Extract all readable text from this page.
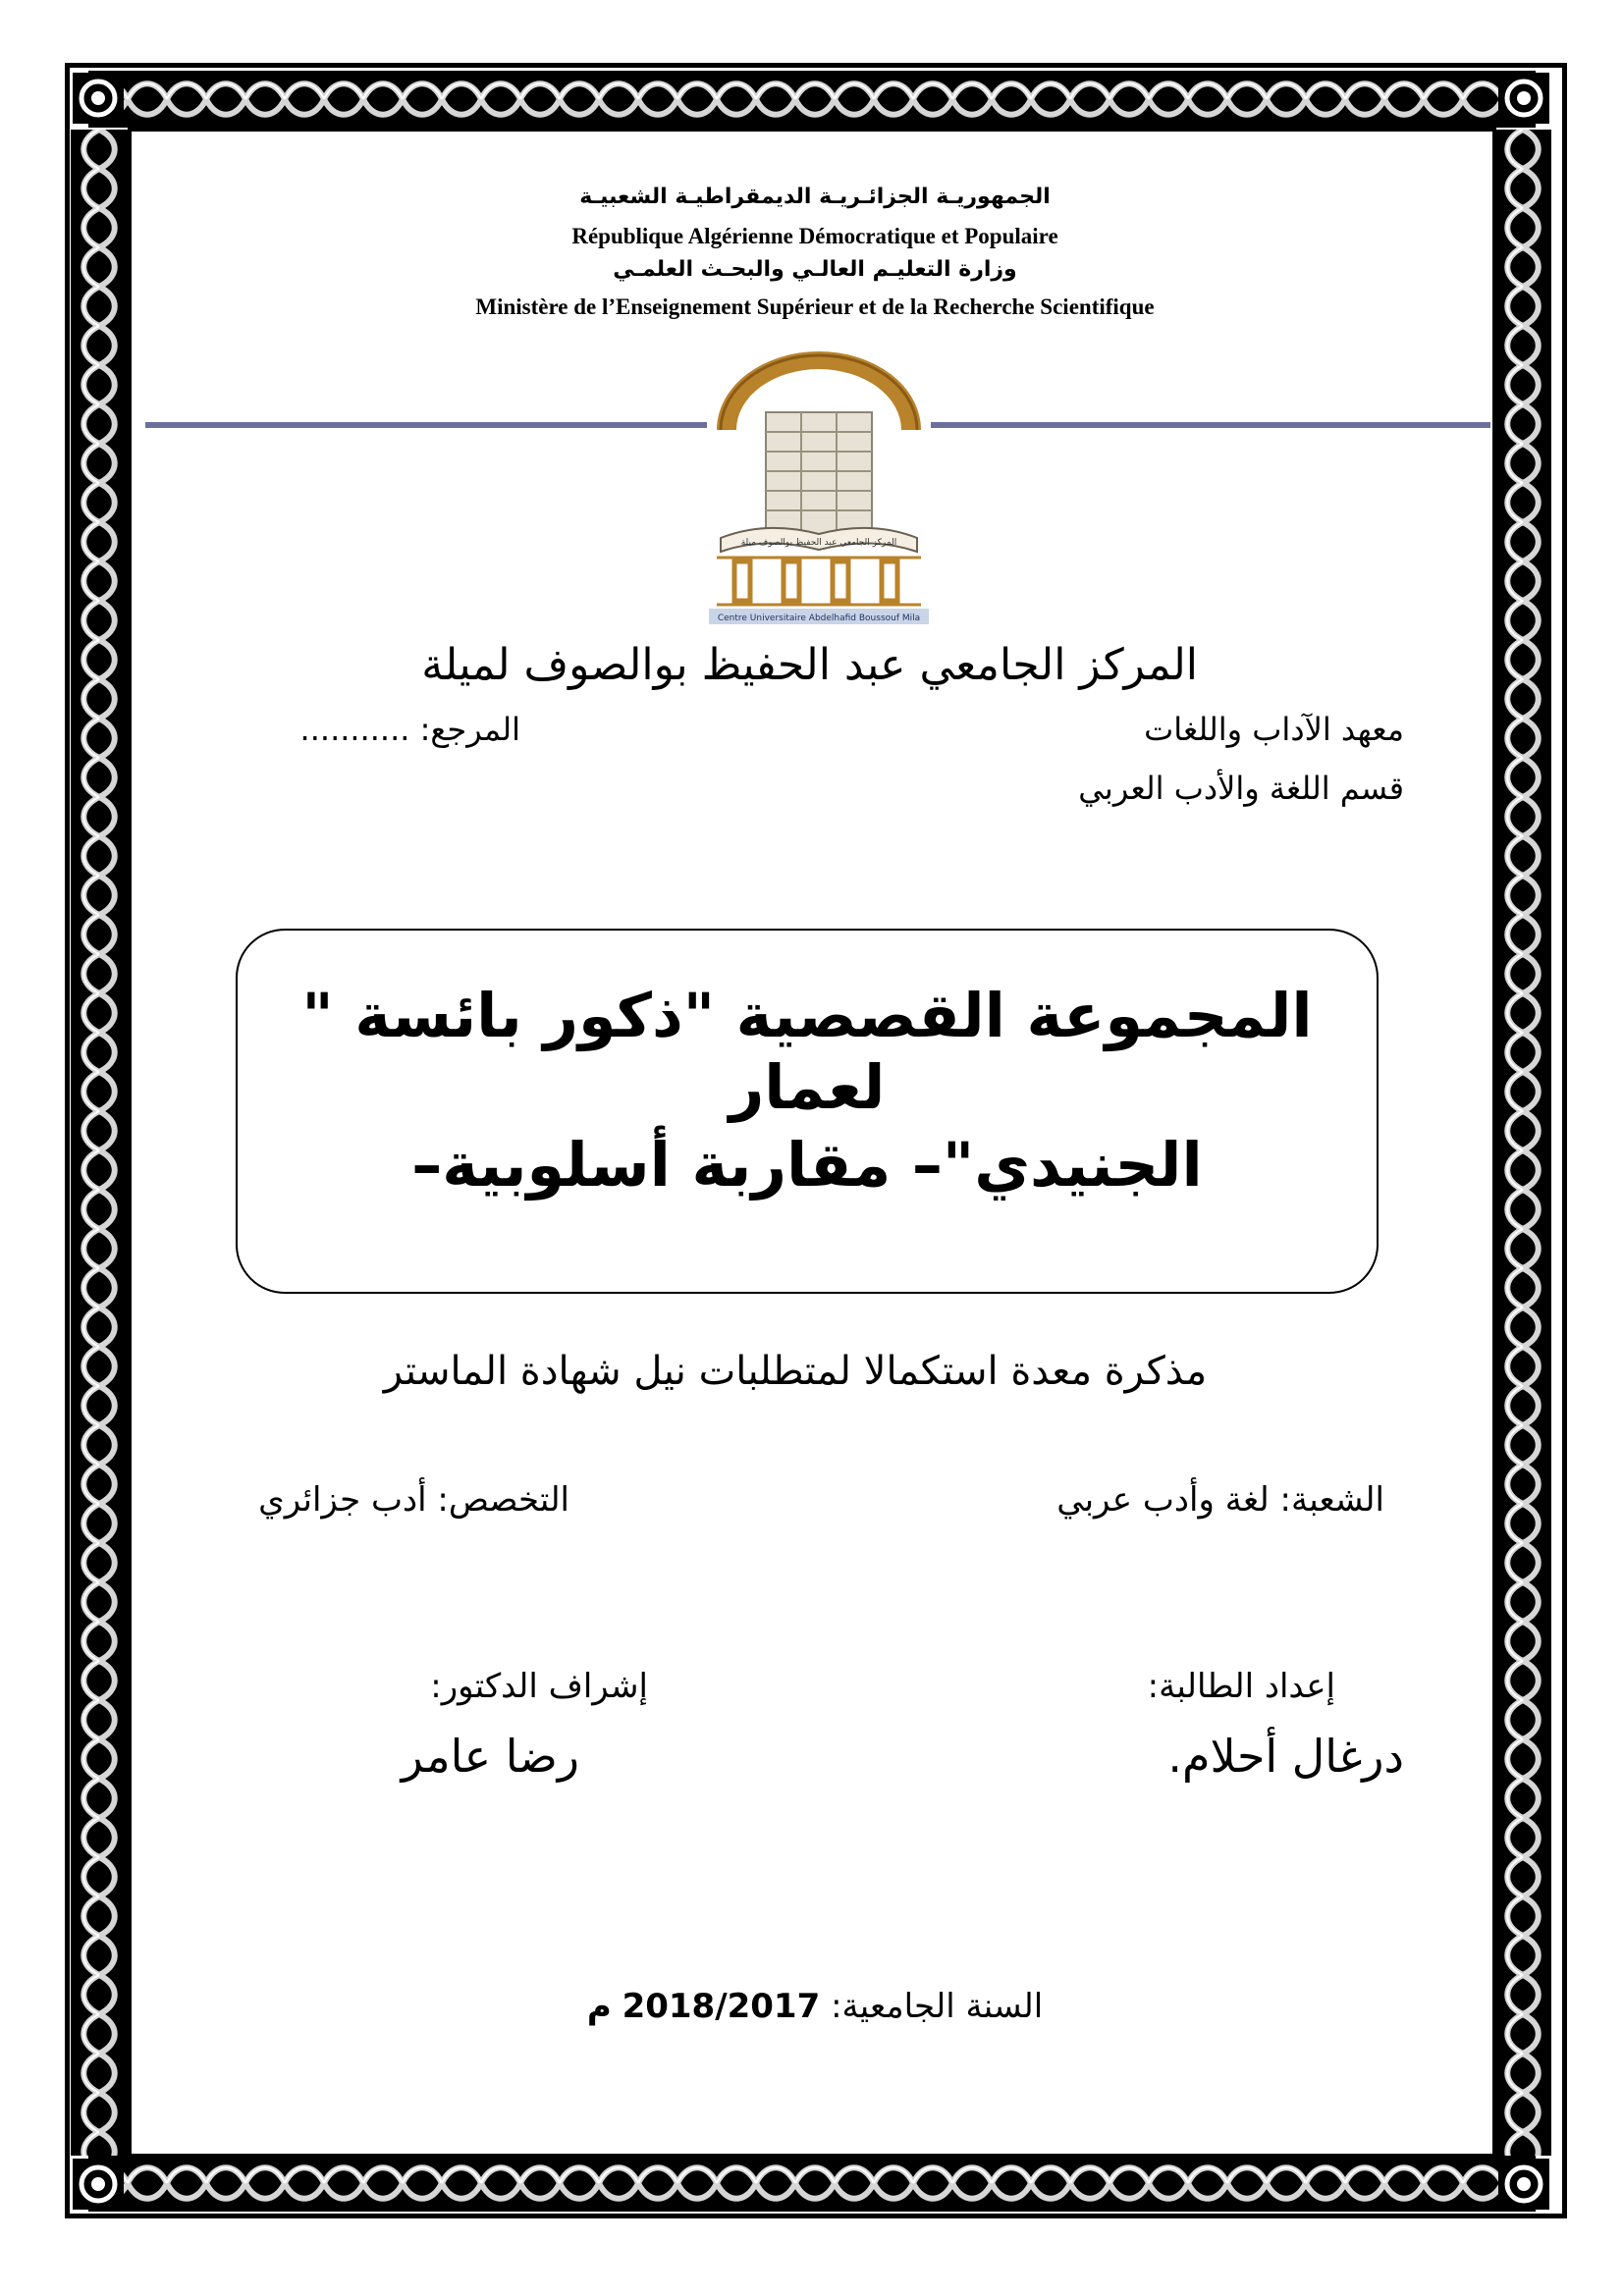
الجمهوريـة الجزائـريـة الديمقراطيـة الشعبيـة
République Algérienne Démocratique et Populaire
وزارة التعليـم العالـي والبحـث العلمـي
Ministère de l’Enseignement Supérieur et de la Recherche Scientifique
المركز الجامعي عبد الحفيظ بوالصوف ميلة
Centre Universitaire Abdelhafid Boussouf Mila
المركز الجامعي عبد الحفيظ بوالصوف لميلة
معهد الآداب واللغات
المرجع: ...........
قسم اللغة والأدب العربي
المجموعة القصصية "ذكور بائسة " لعمار
الجنيدي"– مقاربة أسلوبية–
مذكرة معدة استكمالا لمتطلبات نيل شهادة الماستر
الشعبة: لغة وأدب عربي
التخصص: أدب جزائري
إعداد الطالبة:
إشراف الدكتور:
درغال أحلام.
رضا عامر
السنة الجامعية: 2018/2017 م
